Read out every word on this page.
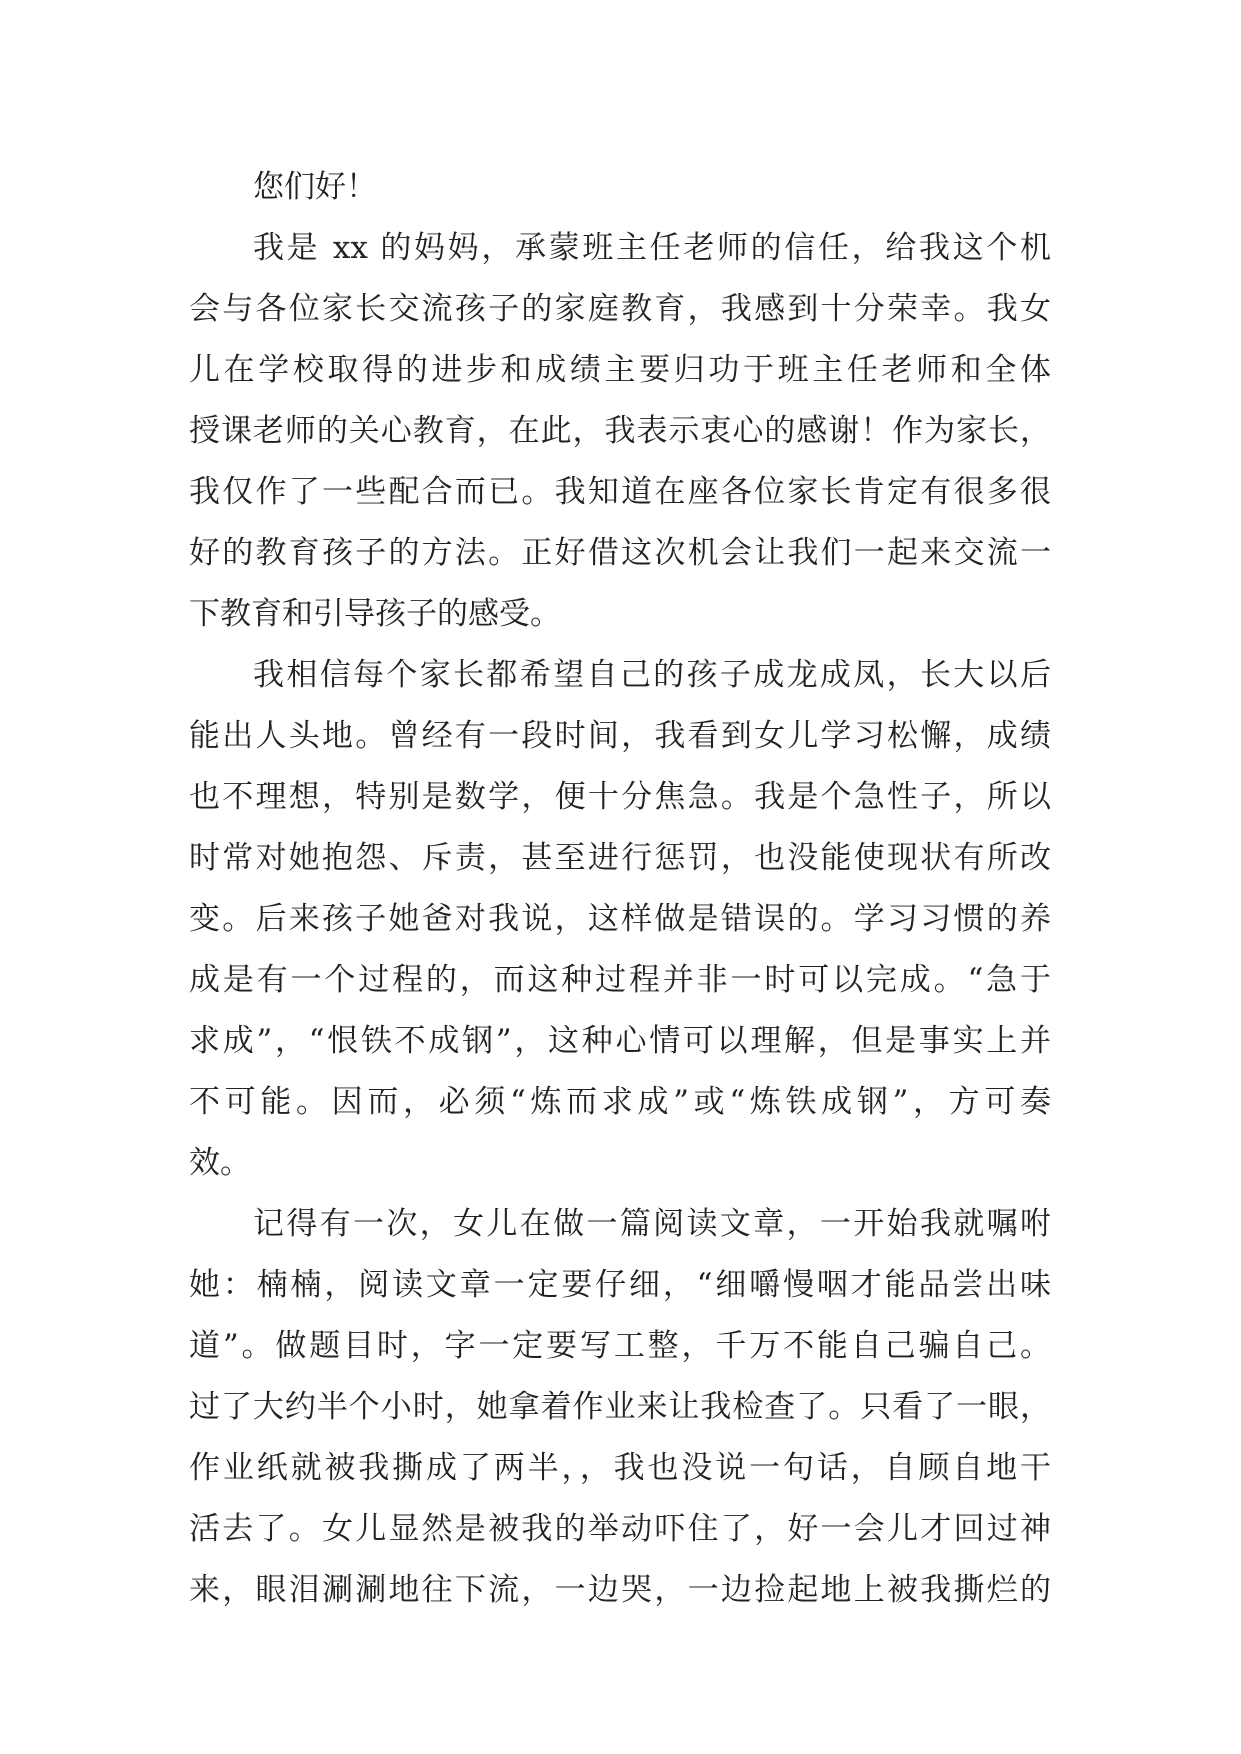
您们好！
我是 xx 的妈妈，承蒙班主任老师的信任，给我这个机
会与各位家长交流孩子的家庭教育，我感到十分荣幸。我女
儿在学校取得的进步和成绩主要归功于班主任老师和全体
授课老师的关心教育，在此，我表示衷心的感谢！作为家长，
我仅作了一些配合而已。我知道在座各位家长肯定有很多很
好的教育孩子的方法。正好借这次机会让我们一起来交流一
下教育和引导孩子的感受。
我相信每个家长都希望自己的孩子成龙成凤，长大以后
能出人头地。曾经有一段时间，我看到女儿学习松懈，成绩
也不理想，特别是数学，便十分焦急。我是个急性子，所以
时常对她抱怨、斥责，甚至进行惩罚，也没能使现状有所改
变。后来孩子她爸对我说，这样做是错误的。学习习惯的养
成是有一个过程的，而这种过程并非一时可以完成。“急于
求成”，“恨铁不成钢”，这种心情可以理解，但是事实上并
不可能。因而，必须“炼而求成”或“炼铁成钢”，方可奏
效。
记得有一次，女儿在做一篇阅读文章，一开始我就嘱咐
她：楠楠，阅读文章一定要仔细，“细嚼慢咽才能品尝出味
道”。做题目时，字一定要写工整，千万不能自己骗自己。
过了大约半个小时，她拿着作业来让我检查了。只看了一眼，
作业纸就被我撕成了两半，，我也没说一句话，自顾自地干
活去了。女儿显然是被我的举动吓住了，好一会儿才回过神
来，眼泪涮涮地往下流，一边哭，一边捡起地上被我撕烂的
